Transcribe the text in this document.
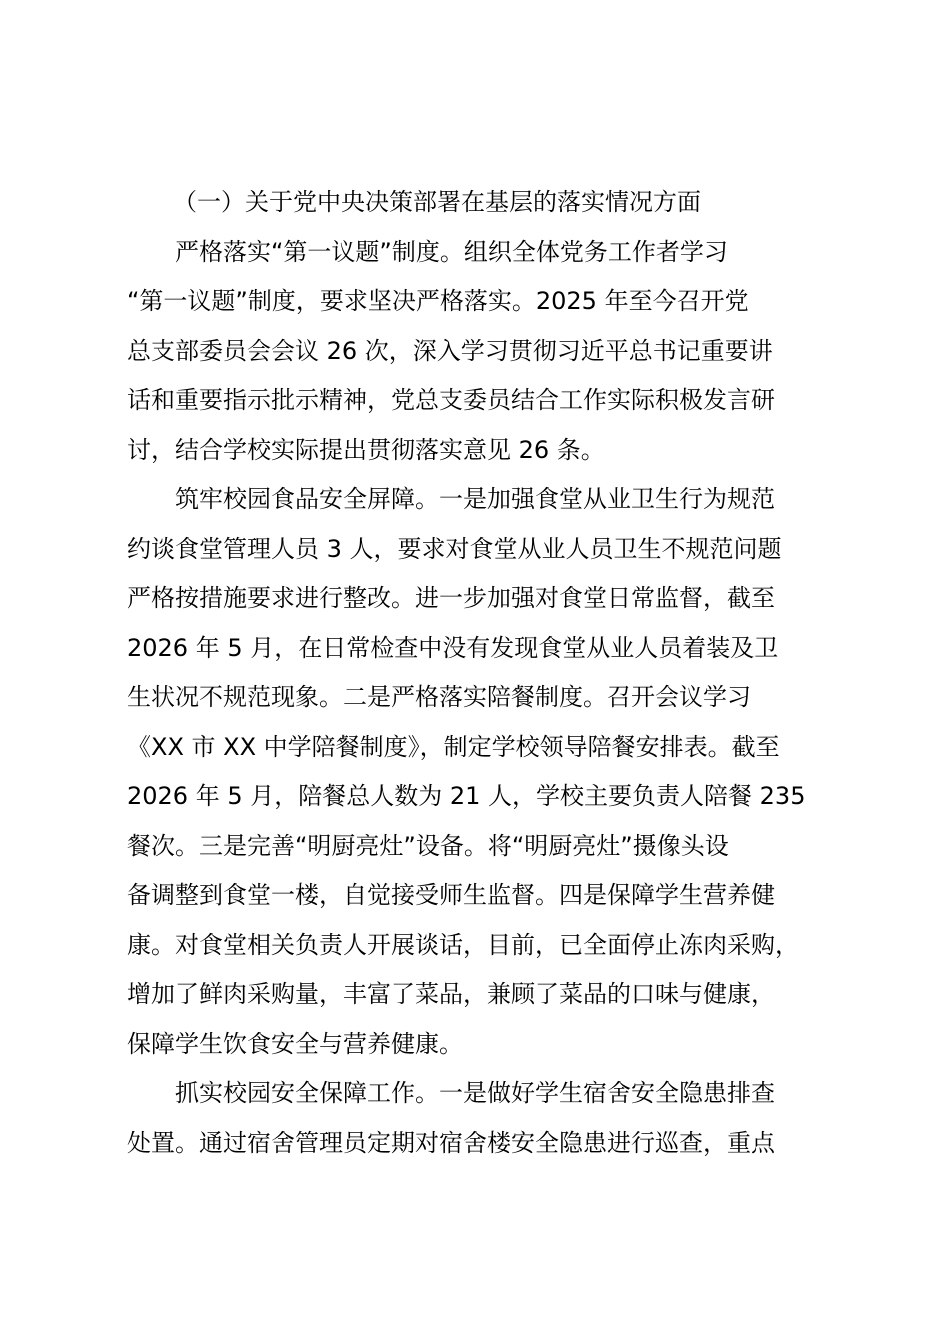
（一）关于党中央决策部署在基层的落实情况方面
严格落实“第一议题”制度。组织全体党务工作者学习
“第一议题”制度，要求坚决严格落实。2025 年至今召开党
总支部委员会会议 26 次，深入学习贯彻习近平总书记重要讲
话和重要指示批示精神，党总支委员结合工作实际积极发言研
讨，结合学校实际提出贯彻落实意见 26 条。
筑牢校园食品安全屏障。一是加强食堂从业卫生行为规范
约谈食堂管理人员 3 人，要求对食堂从业人员卫生不规范问题
严格按措施要求进行整改。进一步加强对食堂日常监督，截至
2026 年 5 月，在日常检查中没有发现食堂从业人员着装及卫
生状况不规范现象。二是严格落实陪餐制度。召开会议学习
《XX 市 XX 中学陪餐制度》，制定学校领导陪餐安排表。截至
2026 年 5 月，陪餐总人数为 21 人，学校主要负责人陪餐 235
餐次。三是完善“明厨亮灶”设备。将“明厨亮灶”摄像头设
备调整到食堂一楼，自觉接受师生监督。四是保障学生营养健
康。对食堂相关负责人开展谈话，目前，已全面停止冻肉采购，
增加了鲜肉采购量，丰富了菜品，兼顾了菜品的口味与健康，
保障学生饮食安全与营养健康。
抓实校园安全保障工作。一是做好学生宿舍安全隐患排查
处置。通过宿舍管理员定期对宿舍楼安全隐患进行巡查，重点
